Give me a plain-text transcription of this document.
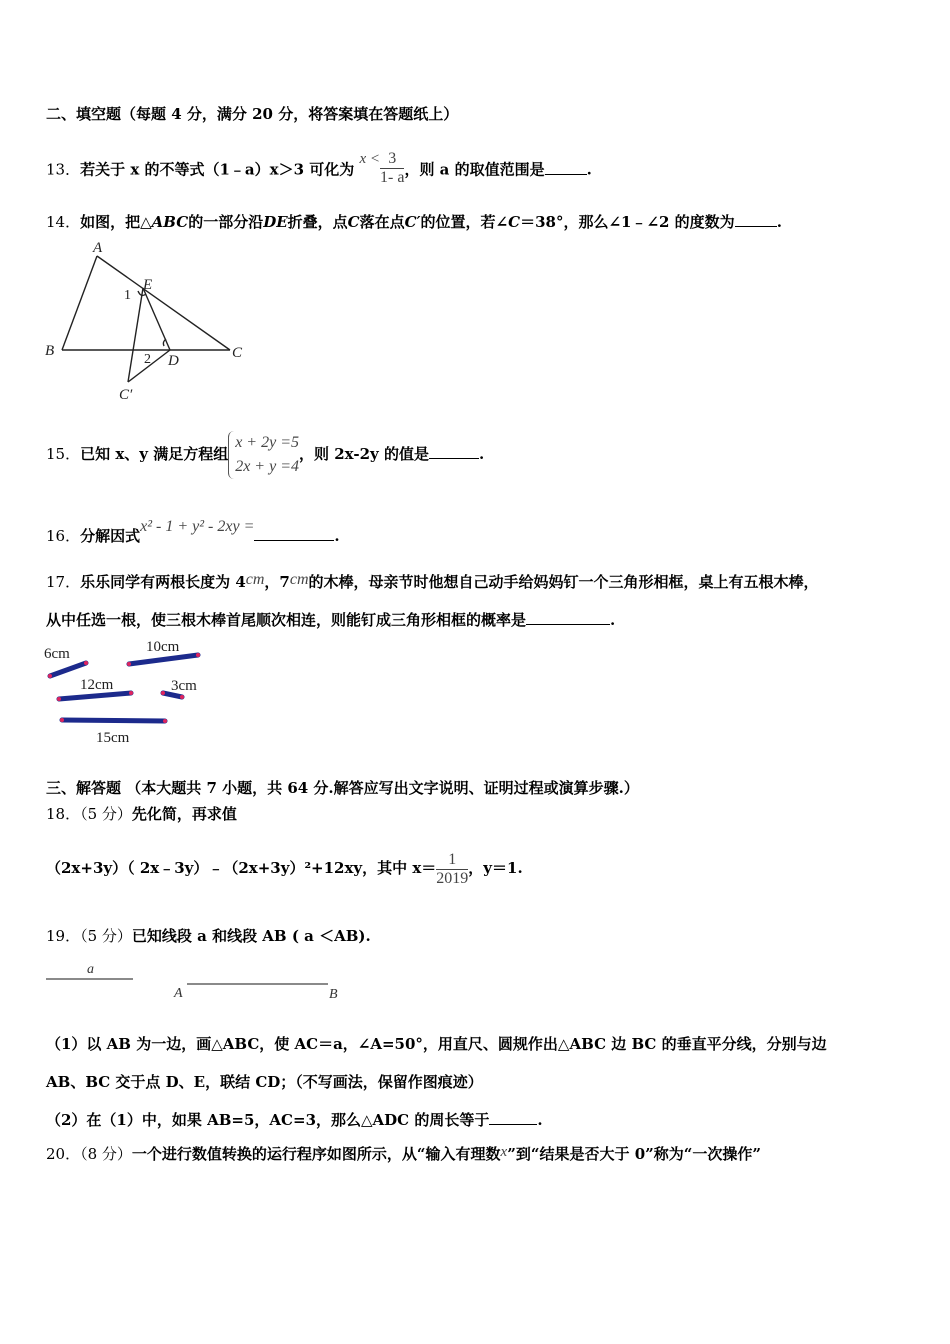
二、填空题（每题 4 分，满分 20 分，将答案填在答题纸上）
13．若关于 x 的不等式（1﹣a）x＞3 可化为 $x < \frac{3}{1- a}$ ，则 a 的取值范围是	.
14．如图，把△ABC的一部分沿DE折叠，点C落在点C′的位置，若∠C＝38°，那么∠1﹣∠2 的度数为	.
A
B	C
D
E
C′
1
2
15．已知 x、y 满足方程组
x + 2y =5
2x + y =4
，则 2x-2y 的值是	.
16．分解因式x² - 1 + y² - 2xy =.
17．乐乐同学有两根长度为 4cm，7cm的木棒，母亲节时他想自己动手给妈妈钉一个三角形相框，桌上有五根木棒，
从中任选一根，使三根木棒首尾顺次相连，则能钉成三角形相框的概率是	.
6cm	10cm
12cm	3cm
15cm
三、解答题 （本大题共 7 小题，共 64 分.解答应写出文字说明、证明过程或演算步骤.）
18．（5 分）先化简，再求值
（2x+3y）（ 2x﹣3y）﹣（2x+3y）²+12xy，其中 $x= \frac{1}{2019}$ ，y＝1.
19．（5 分）已知线段 a 和线段 AB ( a ＜AB).
a
A	B
（1）以 AB 为一边，画△ABC，使 AC＝a，∠A=50°，用直尺、圆规作出△ABC 边 BC 的垂直平分线，分别与边
AB、BC 交于点 D、E，联结 CD；（不写画法，保留作图痕迹）
（2）在（1）中，如果 AB=5，AC=3，那么△ADC 的周长等于	.
20．（8 分）一个进行数值转换的运行程序如图所示，从“输入有理数x”到“结果是否大于 0”称为“一次操作”
